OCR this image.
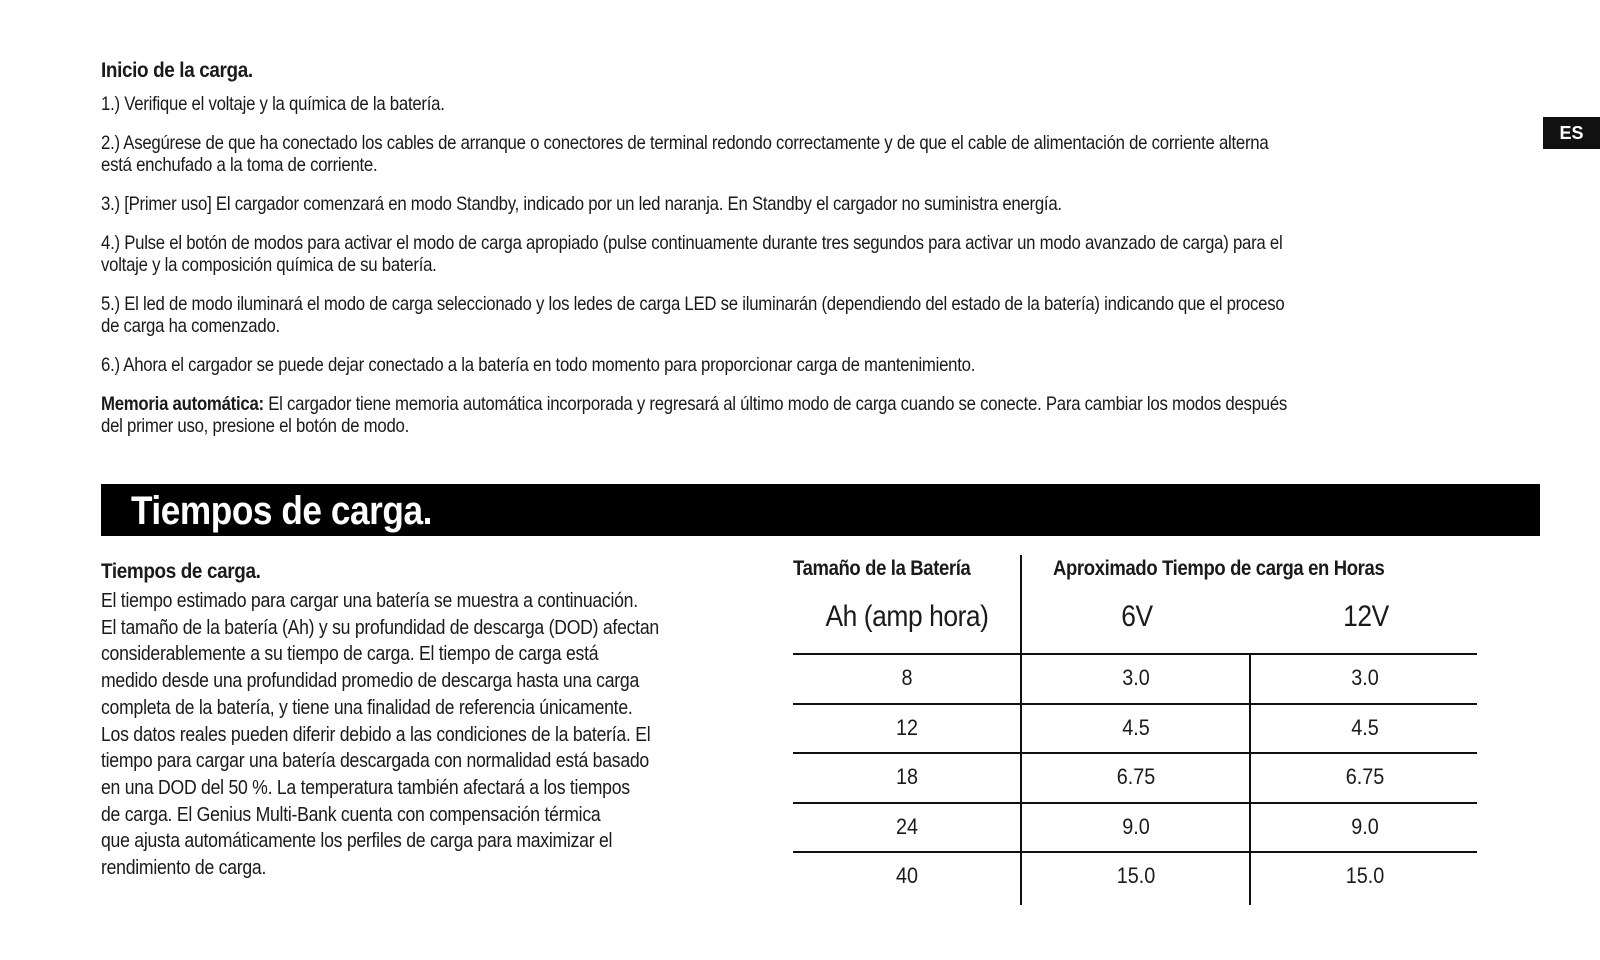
ES
Inicio de la carga.
1.) Verifique el voltaje y la química de la batería.
2.) Asegúrese de que ha conectado los cables de arranque o conectores de terminal redondo correctamente y de que el cable de alimentación de corriente alterna
está enchufado a la toma de corriente.
3.) [Primer uso] El cargador comenzará en modo Standby, indicado por un led naranja. En Standby el cargador no suministra energía.
4.) Pulse el botón de modos para activar el modo de carga apropiado (pulse continuamente durante tres segundos para activar un modo avanzado de carga) para el
voltaje y la composición química de su batería.
5.) El led de modo iluminará el modo de carga seleccionado y los ledes de carga LED se iluminarán (dependiendo del estado de la batería) indicando que el proceso
de carga ha comenzado.
6.) Ahora el cargador se puede dejar conectado a la batería en todo momento para proporcionar carga de mantenimiento.
Memoria automática: El cargador tiene memoria automática incorporada y regresará al último modo de carga cuando se conecte. Para cambiar los modos después
del primer uso, presione el botón de modo.
Tiempos de carga.
Tiempos de carga.
El tiempo estimado para cargar una batería se muestra a continuación.
El tamaño de la batería (Ah) y su profundidad de descarga (DOD) afectan
considerablemente a su tiempo de carga. El tiempo de carga está
medido desde una profundidad promedio de descarga hasta una carga
completa de la batería, y tiene una finalidad de referencia únicamente.
Los datos reales pueden diferir debido a las condiciones de la batería. El
tiempo para cargar una batería descargada con normalidad está basado
en una DOD del 50 %. La temperatura también afectará a los tiempos
de carga. El Genius Multi-Bank cuenta con compensación térmica
que ajusta automáticamente los perfiles de carga para maximizar el
rendimiento de carga.
Tamaño de la Batería	Aproximado Tiempo de carga en Horas
Ah (amp hora)	6V	12V
8	3.0	3.0
12	4.5	4.5
18	6.75	6.75
24	9.0	9.0
40	15.0	15.0
